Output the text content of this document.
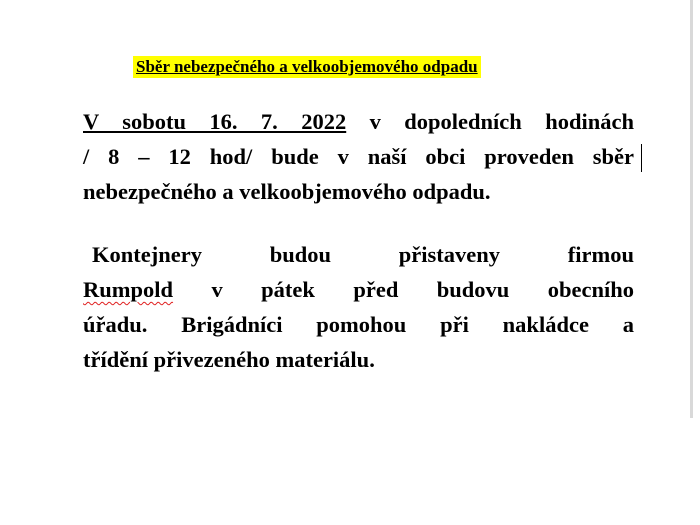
Sběr nebezpečného a velkoobjemového odpadu
V sobotu 16. 7. 2022 v dopoledních hodinách
/ 8 – 12 hod/ bude v naší obci proveden sběr
nebezpečného a velkoobjemového odpadu.
Kontejnery budou přistaveny firmou
Rumpold v pátek před budovu obecního
úřadu. Brigádníci pomohou při nakládce a
třídění přivezeného materiálu.
